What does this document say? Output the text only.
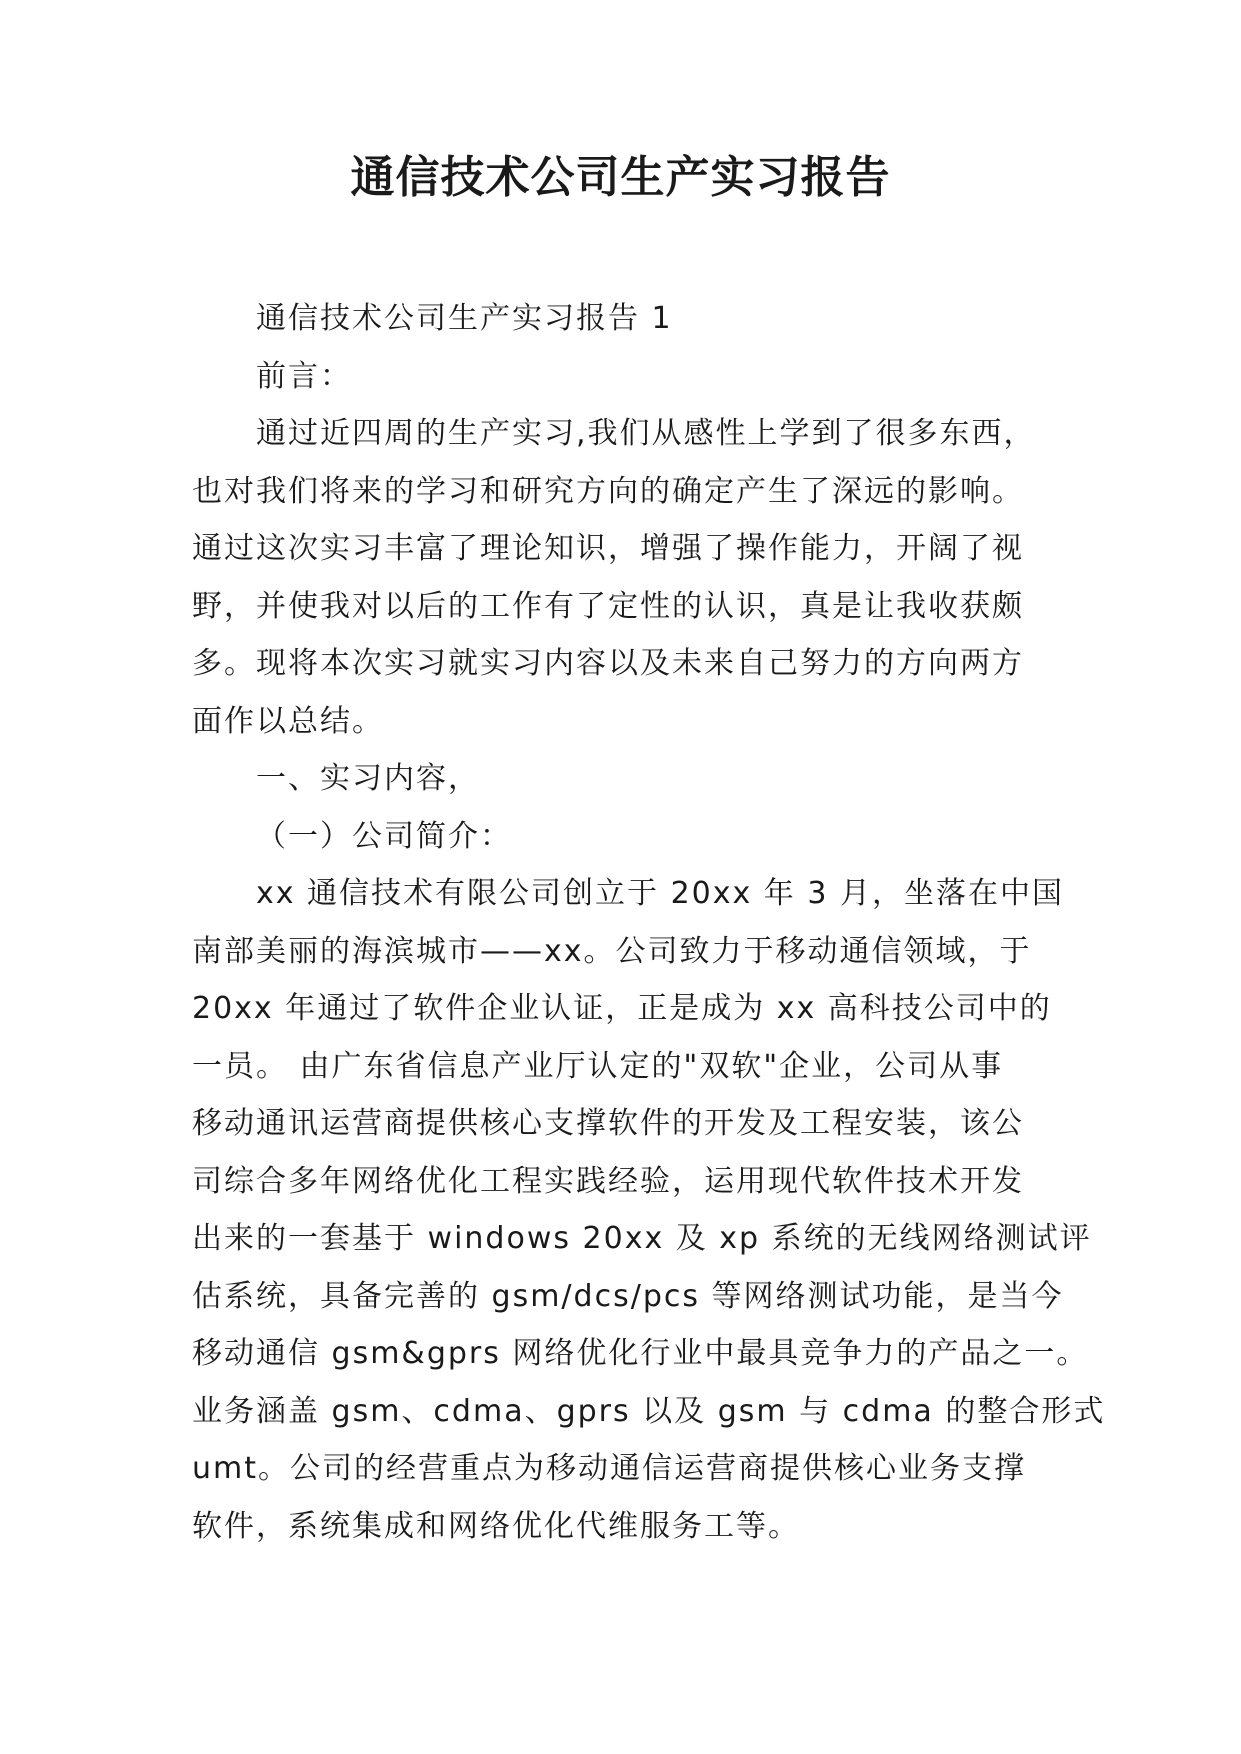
通信技术公司生产实习报告
通信技术公司生产实习报告 1
前言：
通过近四周的生产实习,我们从感性上学到了很多东西，
也对我们将来的学习和研究方向的确定产生了深远的影响。
通过这次实习丰富了理论知识，增强了操作能力，开阔了视
野，并使我对以后的工作有了定性的认识，真是让我收获颇
多。现将本次实习就实习内容以及未来自己努力的方向两方
面作以总结。
一、实习内容，
（一）公司简介：
xx 通信技术有限公司创立于 20xx 年 3 月，坐落在中国
南部美丽的海滨城市——xx。公司致力于移动通信领域，于
20xx 年通过了软件企业认证，正是成为 xx 高科技公司中的
一员。 由广东省信息产业厅认定的"双软"企业，公司从事
移动通讯运营商提供核心支撑软件的开发及工程安装，该公
司综合多年网络优化工程实践经验，运用现代软件技术开发
出来的一套基于 windows 20xx 及 xp 系统的无线网络测试评
估系统，具备完善的 gsm/dcs/pcs 等网络测试功能，是当今
移动通信 gsm&gprs 网络优化行业中最具竞争力的产品之一。
业务涵盖 gsm、cdma、gprs 以及 gsm 与 cdma 的整合形式
umt。公司的经营重点为移动通信运营商提供核心业务支撑
软件，系统集成和网络优化代维服务工等。
